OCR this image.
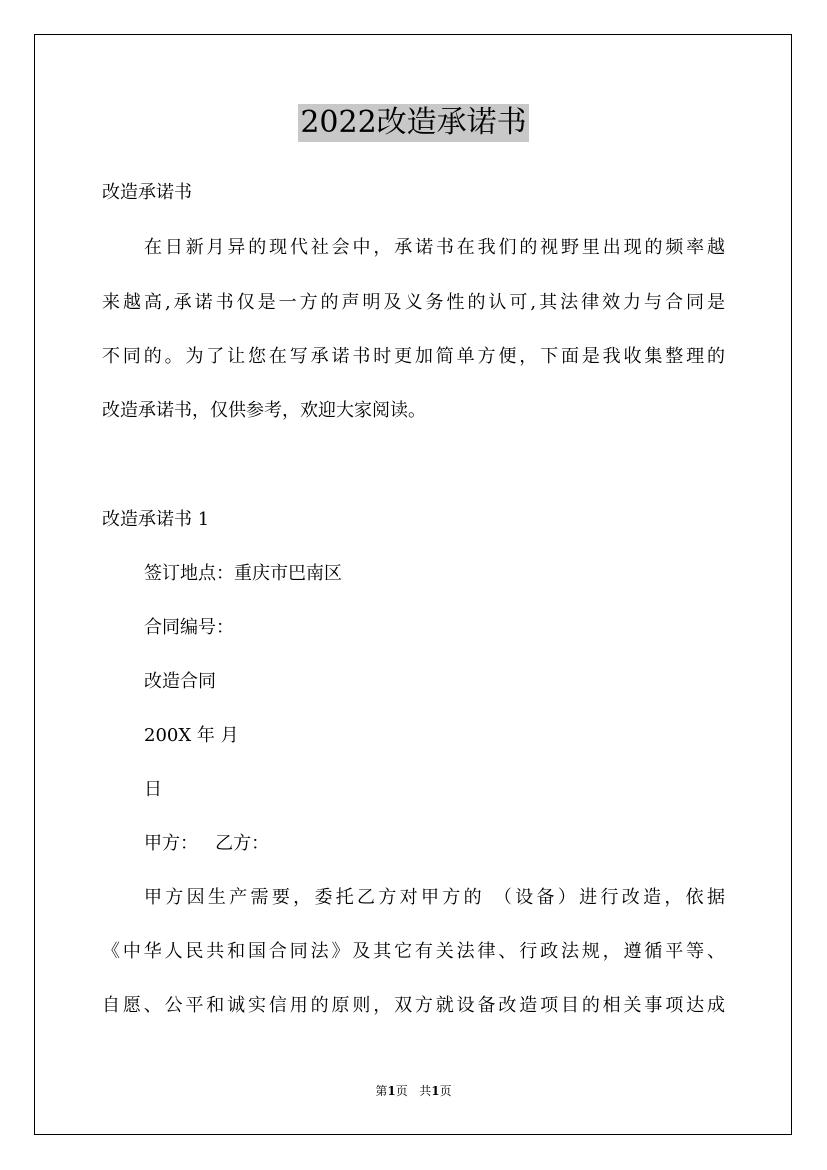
2022改造承诺书
改造承诺书
在日新月异的现代社会中，承诺书在我们的视野里出现的频率越
来越高,承诺书仅是一方的声明及义务性的认可,其法律效力与合同是
不同的。为了让您在写承诺书时更加简单方便，下面是我收集整理的
改造承诺书，仅供参考，欢迎大家阅读。
改造承诺书 1
签订地点：重庆市巴南区
合同编号：
改造合同
200X 年 月
日
甲方：   乙方：
甲方因生产需要，委托乙方对甲方的 （设备）进行改造，依据
《中华人民共和国合同法》及其它有关法律、行政法规，遵循平等、
自愿、公平和诚实信用的原则，双方就设备改造项目的相关事项达成
第1页   共1页
